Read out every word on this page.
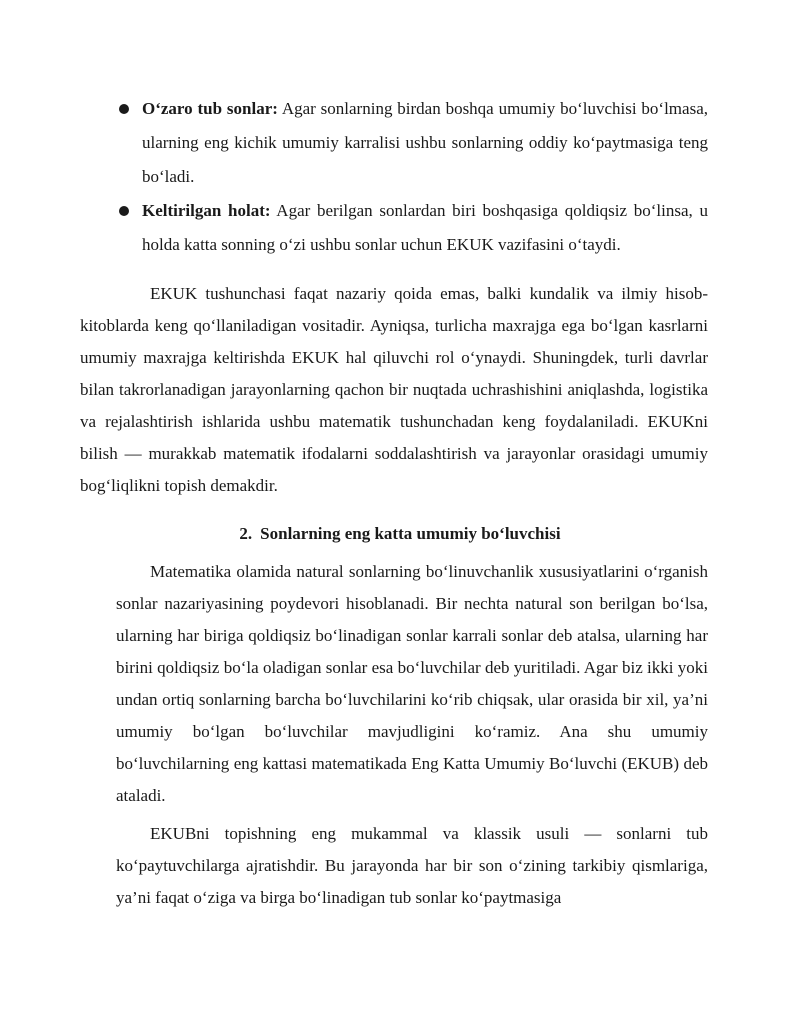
O‘zaro tub sonlar: Agar sonlarning birdan boshqa umumiy bo‘luvchisi bo‘lmasa, ularning eng kichik umumiy karralisi ushbu sonlarning oddiy ko‘paytmasiga teng bo‘ladi.
Keltirilgan holat: Agar berilgan sonlardan biri boshqasiga qoldiqsiz bo‘linsa, u holda katta sonning o‘zi ushbu sonlar uchun EKUK vazifasini o‘taydi.

EKUK tushunchasi faqat nazariy qoida emas, balki kundalik va ilmiy hisob-kitoblarda keng qo‘llaniladigan vositadir. Ayniqsa, turlicha maxrajga ega bo‘lgan kasrlarni umumiy maxrajga keltirishda EKUK hal qiluvchi rol o‘ynaydi. Shuningdek, turli davrlar bilan takrorlanadigan jarayonlarning qachon bir nuqtada uchrashishini aniqlashda, logistika va rejalashtirish ishlarida ushbu matematik tushunchadan keng foydalaniladi. EKUKni bilish — murakkab matematik ifodalarni soddalashtirish va jarayonlar orasidagi umumiy bog‘liqlikni topish demakdir.

2. Sonlarning eng katta umumiy bo‘luvchisi

Matematika olamida natural sonlarning bo‘linuvchanlik xususiyatlarini o‘rganish sonlar nazariyasining poydevori hisoblanadi. Bir nechta natural son berilgan bo‘lsa, ularning har biriga qoldiqsiz bo‘linadigan sonlar karrali sonlar deb atalsa, ularning har birini qoldiqsiz bo‘la oladigan sonlar esa bo‘luvchilar deb yuritiladi. Agar biz ikki yoki undan ortiq sonlarning barcha bo‘luvchilarini ko‘rib chiqsak, ular orasida bir xil, ya’ni umumiy bo‘lgan bo‘luvchilar mavjudligini ko‘ramiz. Ana shu umumiy bo‘luvchilarning eng kattasi matematikada Eng Katta Umumiy Bo‘luvchi (EKUB) deb ataladi.

EKUBni topishning eng mukammal va klassik usuli — sonlarni tub ko‘paytuvchilarga ajratishdir. Bu jarayonda har bir son o‘zining tarkibiy qismlariga, ya’ni faqat o‘ziga va birga bo‘linadigan tub sonlar ko‘paytmasiga
